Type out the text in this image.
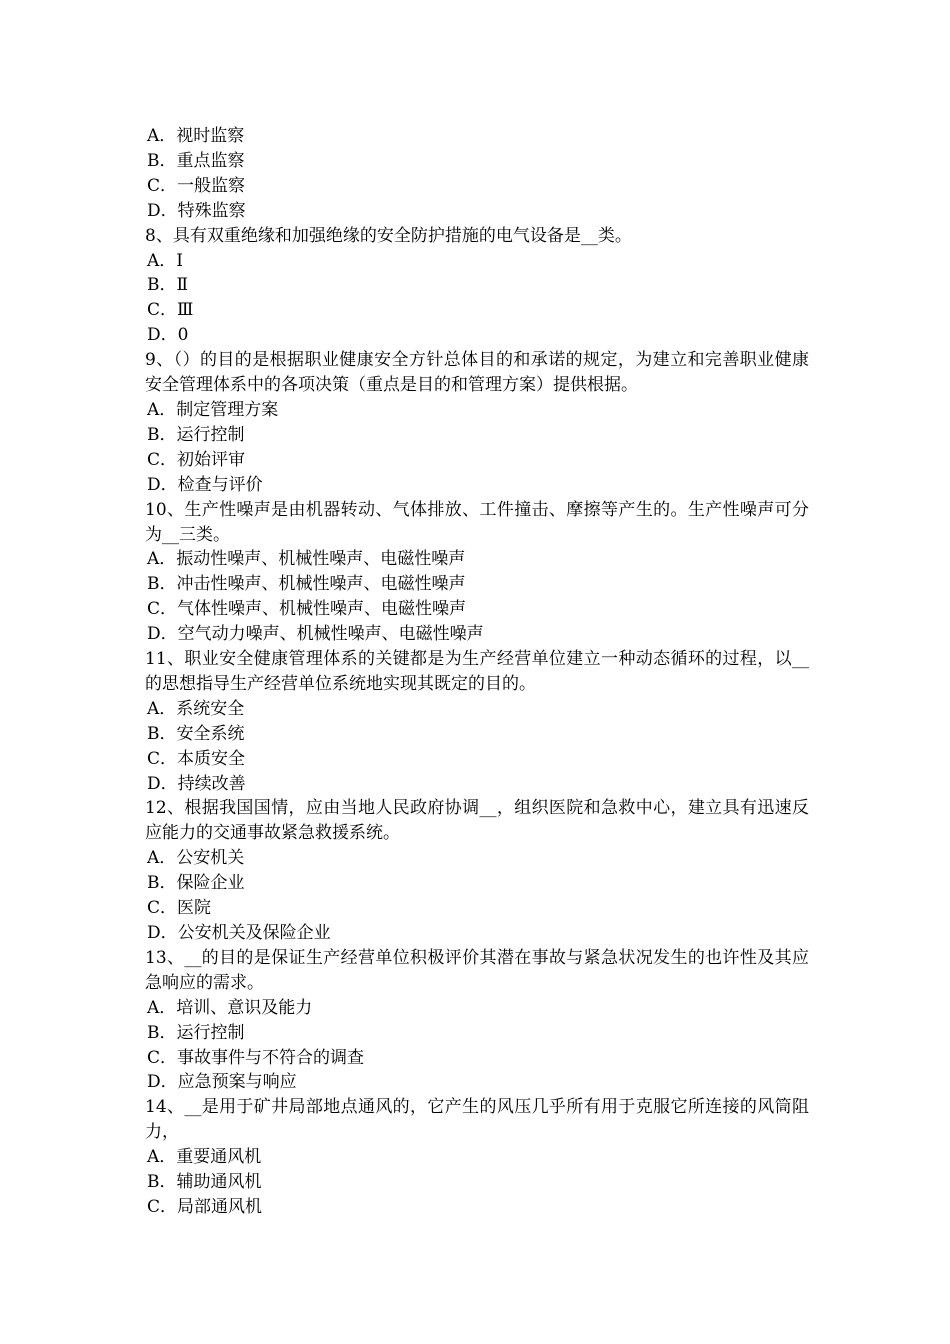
A．视时监察
B．重点监察
C．一般监察
D．特殊监察
8、具有双重绝缘和加强绝缘的安全防护措施的电气设备是__类。
A．Ⅰ
B．Ⅱ
C．Ⅲ
D．0
9、（）的目的是根据职业健康安全方针总体目的和承诺的规定，为建立和完善职业健康安全管理体系中的各项决策（重点是目的和管理方案）提供根据。
A．制定管理方案
B．运行控制
C．初始评审
D．检查与评价
10、生产性噪声是由机器转动、气体排放、工件撞击、摩擦等产生的。生产性噪声可分为__三类。
A．振动性噪声、机械性噪声、电磁性噪声
B．冲击性噪声、机械性噪声、电磁性噪声
C．气体性噪声、机械性噪声、电磁性噪声
D．空气动力噪声、机械性噪声、电磁性噪声
11、职业安全健康管理体系的关键都是为生产经营单位建立一种动态循环的过程，以__的思想指导生产经营单位系统地实现其既定的目的。
A．系统安全
B．安全系统
C．本质安全
D．持续改善
12、根据我国国情，应由当地人民政府协调__，组织医院和急救中心，建立具有迅速反应能力的交通事故紧急救援系统。
A．公安机关
B．保险企业
C．医院
D．公安机关及保险企业
13、__的目的是保证生产经营单位积极评价其潜在事故与紧急状况发生的也许性及其应急响应的需求。
A．培训、意识及能力
B．运行控制
C．事故事件与不符合的调查
D．应急预案与响应
14、__是用于矿井局部地点通风的，它产生的风压几乎所有用于克服它所连接的风筒阻力，
A．重要通风机
B．辅助通风机
C．局部通风机
